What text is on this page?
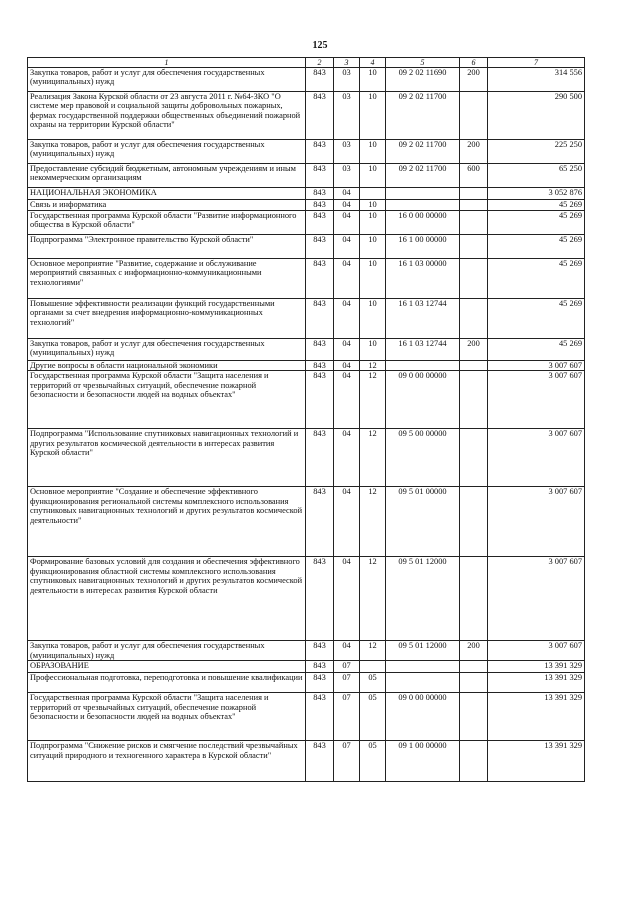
125
1	2	3	4	5	6	7
Закупка товаров, работ и услуг для обеспечения государственных (муниципальных) нужд	843	03	10	09 2 02 11690	200	314 556
Реализация Закона Курской области от 23 августа 2011 г. №64-ЗКО "О системе мер правовой и социальной защиты добровольных пожарных, фермах государственной поддержки общественных объединений пожарной охраны на территории Курской области"	843	03	10	09 2 02 11700		290 500
Закупка товаров, работ и услуг для обеспечения государственных (муниципальных) нужд	843	03	10	09 2 02 11700	200	225 250
Предоставление субсидий бюджетным, автономным учреждениям и иным некоммерческим организациям	843	03	10	09 2 02 11700	600	65 250
НАЦИОНАЛЬНАЯ ЭКОНОМИКА	843	04				3 052 876
Связь и информатика	843	04	10			45 269
Государственная программа Курской области "Развитие информационного общества в Курской области"	843	04	10	16 0 00 00000		45 269
Подпрограмма "Электронное правительство Курской области"	843	04	10	16 1 00 00000		45 269
Основное мероприятие "Развитие, содержание и обслуживание мероприятий связанных с информационно-коммуникационными технологиями"	843	04	10	16 1 03 00000		45 269
Повышение эффективности реализации функций государственными органами за счет внедрения информационно-коммуникационных технологий"	843	04	10	16 1 03 12744		45 269
Закупка товаров, работ и услуг для обеспечения государственных (муниципальных) нужд	843	04	10	16 1 03 12744	200	45 269
Другие вопросы в области национальной экономики	843	04	12			3 007 607
Государственная программа Курской области "Защита населения и территорий от чрезвычайных ситуаций, обеспечение пожарной безопасности и безопасности людей на водных объектах"	843	04	12	09 0 00 00000		3 007 607
Подпрограмма "Использование спутниковых навигационных технологий и других результатов космической деятельности в интересах развития Курской области"	843	04	12	09 5 00 00000		3 007 607
Основное мероприятие "Создание и обеспечение эффективного функционирования региональной системы комплексного использования спутниковых навигационных технологий и других результатов космической деятельности"	843	04	12	09 5 01 00000		3 007 607
Формирование базовых условий для создания и обеспечения эффективного функционирования областной системы комплексного использования спутниковых навигационных технологий и других результатов космической деятельности в интересах развития Курской области	843	04	12	09 5 01 12000		3 007 607
Закупка товаров, работ и услуг для обеспечения государственных (муниципальных) нужд	843	04	12	09 5 01 12000	200	3 007 607
ОБРАЗОВАНИЕ	843	07				13 391 329
Профессиональная подготовка, переподготовка и повышение квалификации	843	07	05			13 391 329
Государственная программа Курской области "Защита населения и территорий от чрезвычайных ситуаций, обеспечение пожарной безопасности и безопасности людей на водных объектах"	843	07	05	09 0 00 00000		13 391 329
Подпрограмма "Снижение рисков и смягчение последствий чрезвычайных ситуаций природного и техногенного характера в Курской области"	843	07	05	09 1 00 00000		13 391 329
